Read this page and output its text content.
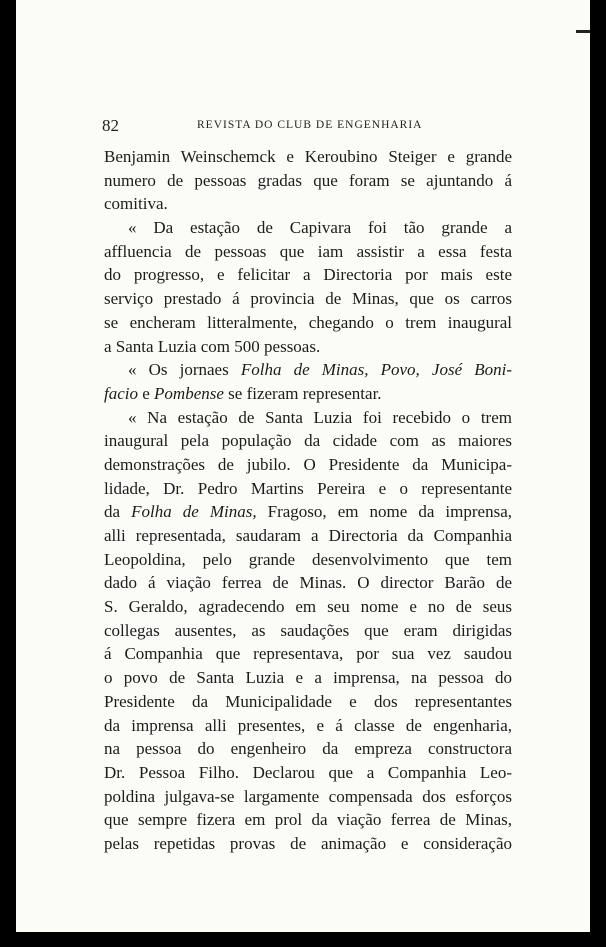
82	REVISTA DO CLUB DE ENGENHARIA
Benjamin Weinschemck e Keroubino Steiger e grande
numero de pessoas gradas que foram se ajuntando á
comitiva.
« Da estação de Capivara foi tão grande a
affluencia de pessoas que iam assistir a essa festa
do progresso, e felicitar a Directoria por mais este
serviço prestado á provincia de Minas, que os carros
se encheram litteralmente, chegando o trem inaugural
a Santa Luzia com 500 pessoas.
« Os jornaes Folha de Minas, Povo, José Boni-
facio e Pombense se fizeram representar.
« Na estação de Santa Luzia foi recebido o trem
inaugural pela população da cidade com as maiores
demonstrações de jubilo. O Presidente da Municipa-
lidade, Dr. Pedro Martins Pereira e o representante
da Folha de Minas, Fragoso, em nome da imprensa,
alli representada, saudaram a Directoria da Companhia
Leopoldina, pelo grande desenvolvimento que tem
dado á viação ferrea de Minas. O director Barão de
S. Geraldo, agradecendo em seu nome e no de seus
collegas ausentes, as saudações que eram dirigidas
á Companhia que representava, por sua vez saudou
o povo de Santa Luzia e a imprensa, na pessoa do
Presidente da Municipalidade e dos representantes
da imprensa alli presentes, e á classe de engenharia,
na pessoa do engenheiro da empreza constructora
Dr. Pessoa Filho. Declarou que a Companhia Leo-
poldina julgava-se largamente compensada dos esforços
que sempre fizera em prol da viação ferrea de Minas,
pelas repetidas provas de animação e consideração
